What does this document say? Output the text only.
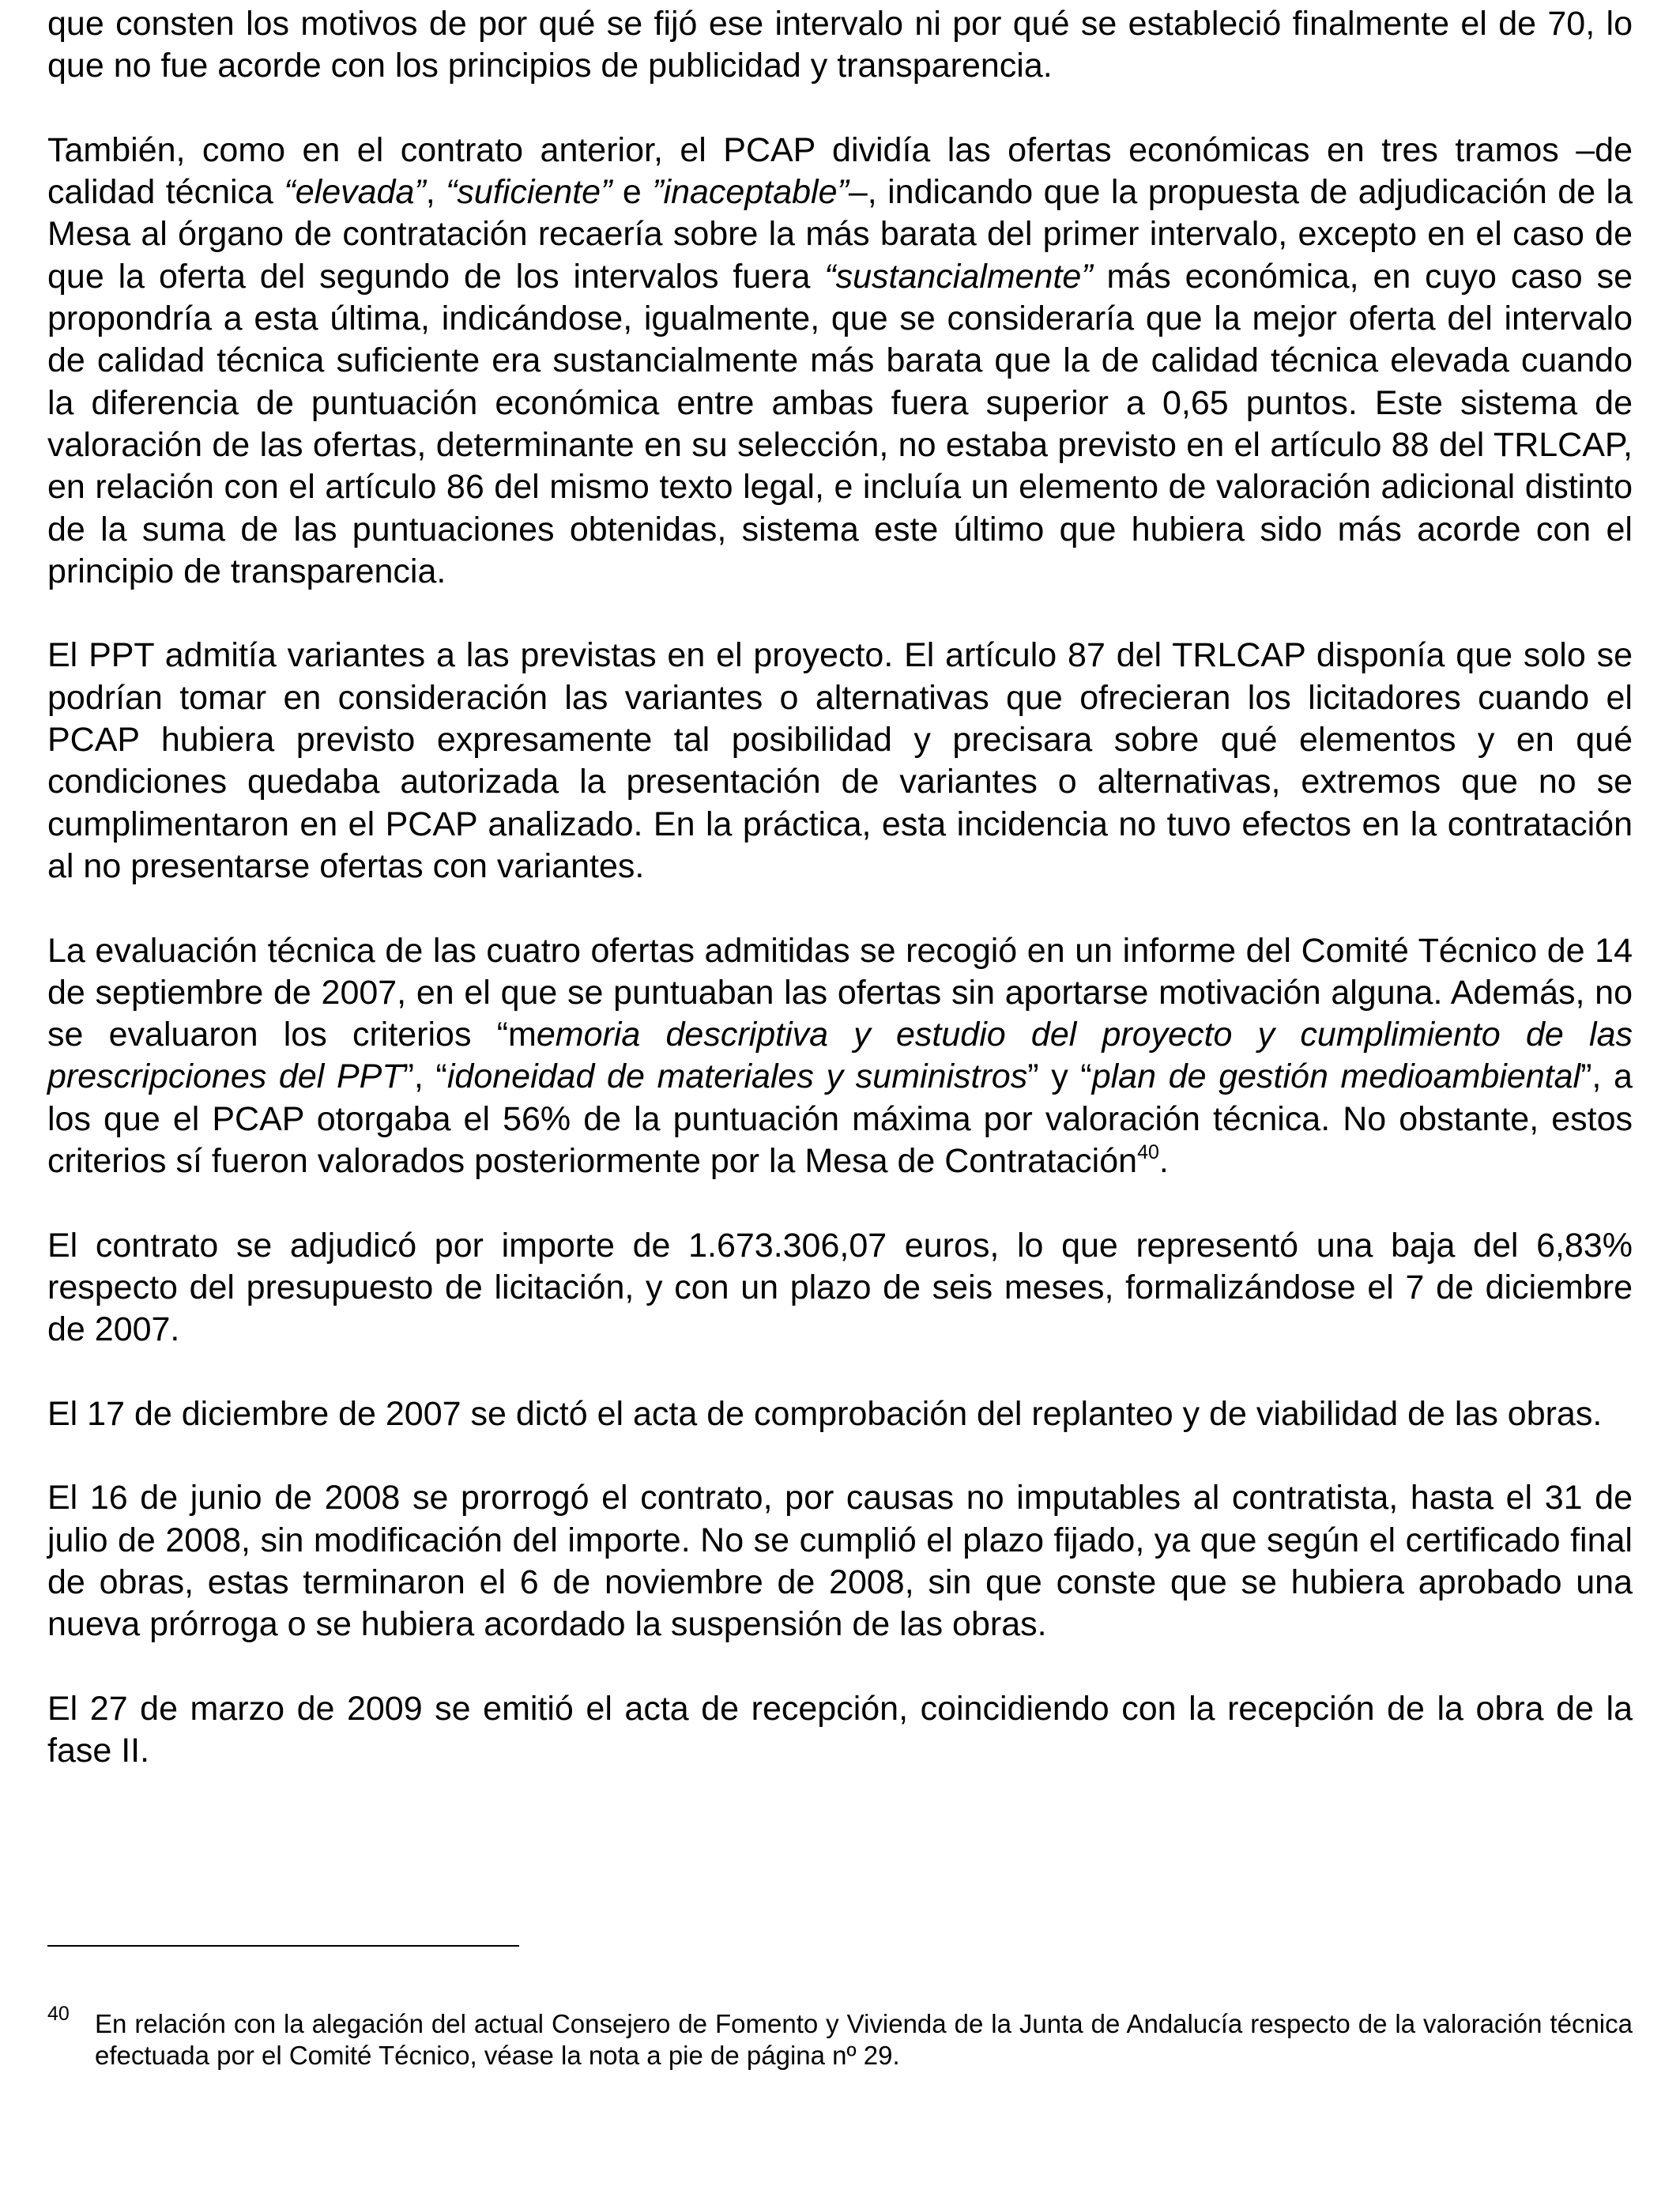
que consten los motivos de por qué se fijó ese intervalo ni por qué se estableció finalmente el de 70, lo que no fue acorde con los principios de publicidad y transparencia.

También, como en el contrato anterior, el PCAP dividía las ofertas económicas en tres tramos –de calidad técnica “elevada”, “suficiente” e ”inaceptable”–, indicando que la propuesta de adjudicación de la Mesa al órgano de contratación recaería sobre la más barata del primer intervalo, excepto en el caso de que la oferta del segundo de los intervalos fuera “sustancialmente” más económica, en cuyo caso se propondría a esta última, indicándose, igualmente, que se consideraría que la mejor oferta del intervalo de calidad técnica suficiente era sustancialmente más barata que la de calidad técnica elevada cuando la diferencia de puntuación económica entre ambas fuera superior a 0,65 puntos. Este sistema de valoración de las ofertas, determinante en su selección, no estaba previsto en el artículo 88 del TRLCAP, en relación con el artículo 86 del mismo texto legal, e incluía un elemento de valoración adicional distinto de la suma de las puntuaciones obtenidas, sistema este último que hubiera sido más acorde con el principio de transparencia.

El PPT admitía variantes a las previstas en el proyecto. El artículo 87 del TRLCAP disponía que solo se podrían tomar en consideración las variantes o alternativas que ofrecieran los licitadores cuando el PCAP hubiera previsto expresamente tal posibilidad y precisara sobre qué elementos y en qué condiciones quedaba autorizada la presentación de variantes o alternativas, extremos que no se cumplimentaron en el PCAP analizado. En la práctica, esta incidencia no tuvo efectos en la contratación al no presentarse ofertas con variantes.

La evaluación técnica de las cuatro ofertas admitidas se recogió en un informe del Comité Técnico de 14 de septiembre de 2007, en el que se puntuaban las ofertas sin aportarse motivación alguna. Además, no se evaluaron los criterios “memoria descriptiva y estudio del proyecto y cumplimiento de las prescripciones del PPT”, “idoneidad de materiales y suministros” y “plan de gestión medioambiental”, a los que el PCAP otorgaba el 56% de la puntuación máxima por valoración técnica. No obstante, estos criterios sí fueron valorados posteriormente por la Mesa de Contratación$^{40}$.

El contrato se adjudicó por importe de 1.673.306,07 euros, lo que representó una baja del 6,83% respecto del presupuesto de licitación, y con un plazo de seis meses, formalizándose el 7 de diciembre de 2007.

El 17 de diciembre de 2007 se dictó el acta de comprobación del replanteo y de viabilidad de las obras.

El 16 de junio de 2008 se prorrogó el contrato, por causas no imputables al contratista, hasta el 31 de julio de 2008, sin modificación del importe. No se cumplió el plazo fijado, ya que según el certificado final de obras, estas terminaron el 6 de noviembre de 2008, sin que conste que se hubiera aprobado una nueva prórroga o se hubiera acordado la suspensión de las obras.

El 27 de marzo de 2009 se emitió el acta de recepción, coincidiendo con la recepción de la obra de la fase II.

40 En relación con la alegación del actual Consejero de Fomento y Vivienda de la Junta de Andalucía respecto de la valoración técnica efectuada por el Comité Técnico, véase la nota a pie de página nº 29.
